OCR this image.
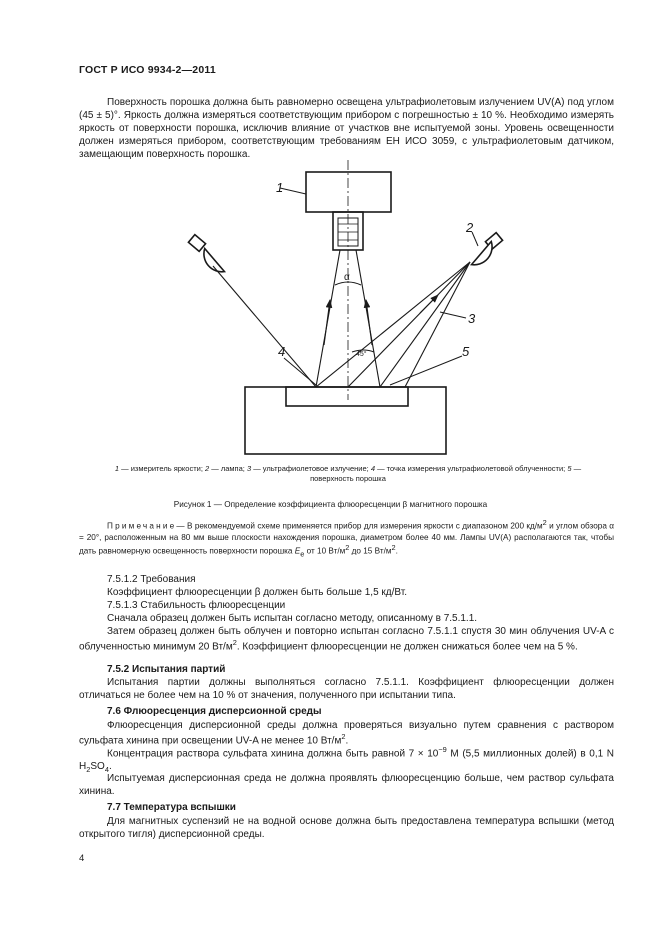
ГОСТ Р ИСО 9934-2—2011
Поверхность порошка должна быть равномерно освещена ультрафиолетовым излучением UV(A) под углом (45 ± 5)°. Яркость должна измеряться соответствующим прибором с погрешностью ± 10 %. Необходимо измерять яркость от поверхности порошка, исключив влияние от участков вне испытуемой зоны. Уровень освещенности должен измеряться прибором, соответствующим требованиям ЕН ИСО 3059, с ультрафиолетовым датчиком, замещающим поверхность порошка.
1
2
3
4	5
α
45°
1 — измеритель яркости; 2 — лампа; 3 — ультрафиолетовое излучение; 4 — точка измерения ультрафиолетовой облученности; 5 — поверхность порошка
Рисунок 1 — Определение коэффициента флюоресценции β магнитного порошка
Примечание— В рекомендуемой схеме применяется прибор для измерения яркости с диапазоном 200 $кд/м^2$ и углом обзора α = 20°, расположенным на 80 мм выше плоскости нахождения порошка, диаметром более 40 мм. Лампы UV(A) располагаются так, чтобы дать равномерную освещенность поверхности порошка $E_e$ от 10 $Вт/м^2$ до 15 $Вт/м^2$.
7.5.1.2 Требования
Коэффициент флюоресценции β должен быть больше 1,5 кд/Вт.
7.5.1.3 Стабильность флюоресценции
Сначала образец должен быть испытан согласно методу, описанному в 7.5.1.1.
Затем образец должен быть облучен и повторно испытан согласно 7.5.1.1 спустя 30 мин облучения UV-A с облученностью минимум 20 $Вт/м^2$. Коэффициент флюоресценции не должен снижаться более чем на 5 %.
7.5.2 Испытания партий
Испытания партии должны выполняться согласно 7.5.1.1. Коэффициент флюоресценции должен отличаться не более чем на 10 % от значения, полученного при испытании типа.
7.6 Флюоресценция дисперсионной среды
Флюоресценция дисперсионной среды должна проверяться визуально путем сравнения с раствором сульфата хинина при освещении UV-A не менее 10 $Вт/м^2$.
Концентрация раствора сульфата хинина должна быть равной $7 \times 10^{-9}$ М (5,5 миллионных долей) в 0,1 N $H_2SO_4$.
Испытуемая дисперсионная среда не должна проявлять флюоресценцию больше, чем раствор сульфата хинина.
7.7 Температура вспышки
Для магнитных суспензий не на водной основе должна быть предоставлена температура вспышки (метод открытого тигля) дисперсионной среды.
4
